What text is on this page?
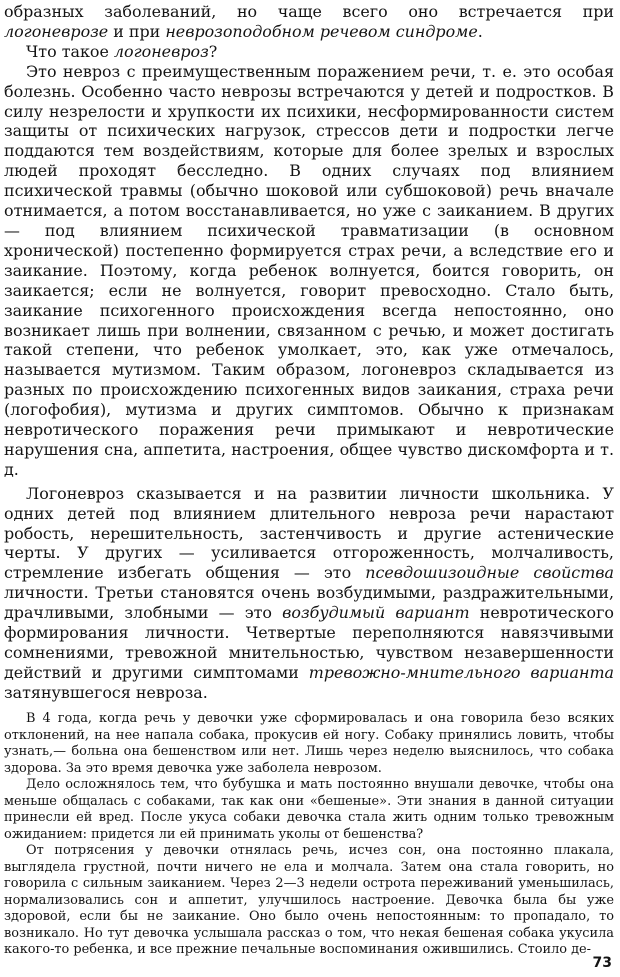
образных заболеваний, но чаще всего оно встречается при логоневрозе и при неврозоподобном речевом синдроме.

Что такое логоневроз?

Это невроз с преимущественным поражением речи, т. е. это особая болезнь. Особенно часто неврозы встречаются у детей и подростков. В силу незрелости и хрупкости их психики, несформированности систем защиты от психических нагрузок, стрессов дети и подростки легче поддаются тем воздействиям, которые для более зрелых и взрослых людей проходят бесследно. В одних случаях под влиянием психической травмы (обычно шоковой или субшоковой) речь вначале отнимается, а потом восстанавливается, но уже с заиканием. В других — под влиянием психической травматизации (в основном хронической) постепенно формируется страх речи, а вследствие его и заикание. Поэтому, когда ребенок волнуется, боится говорить, он заикается; если не волнуется, говорит превосходно. Стало быть, заикание психогенного происхождения всегда непостоянно, оно возникает лишь при волнении, связанном с речью, и может достигать такой степени, что ребенок умолкает, это, как уже отмечалось, называется мутизмом. Таким образом, логоневроз складывается из разных по происхождению психогенных видов заикания, страха речи (логофобия), мутизма и других симптомов. Обычно к признакам невротического поражения речи примыкают и невротические нарушения сна, аппетита, настроения, общее чувство дискомфорта и т. д.

Логоневроз сказывается и на развитии личности школьника. У одних детей под влиянием длительного невроза речи нарастают робость, нерешительность, застенчивость и другие астенические черты. У других — усиливается отгороженность, молчаливость, стремление избегать общения — это псевдошизоидные свойства личности. Третьи становятся очень возбудимыми, раздражительными, драчливыми, злобными — это возбудимый вариант невротического формирования личности. Четвертые переполняются навязчивыми сомнениями, тревожной мнительностью, чувством незавершенности действий и другими симптомами тревожно-мнительного варианта затянувшегося невроза.

В 4 года, когда речь у девочки уже сформировалась и она говорила безо всяких отклонений, на нее напала собака, прокусив ей ногу. Собаку принялись ловить, чтобы узнать,— больна она бешенством или нет. Лишь через неделю выяснилось, что собака здорова. За это время девочка уже заболела неврозом.

Дело осложнялось тем, что бубушка и мать постоянно внушали девочке, чтобы она меньше общалась с собаками, так как они «бешеные». Эти знания в данной ситуации принесли ей вред. После укуса собаки девочка стала жить одним только тревожным ожиданием: придется ли ей принимать уколы от бешенства?

От потрясения у девочки отнялась речь, исчез сон, она постоянно плакала, выглядела грустной, почти ничего не ела и молчала. Затем она стала говорить, но говорила с сильным заиканием. Через 2—3 недели острота переживаний уменьшилась, нормализовались сон и аппетит, улучшилось настроение. Девочка была бы уже здоровой, если бы не заикание. Оно было очень непостоянным: то пропадало, то возникало. Но тут девочка услышала рассказ о том, что некая бешеная собака укусила какого-то ребенка, и все прежние печальные воспоминания ожившились. Стоило де-

73
